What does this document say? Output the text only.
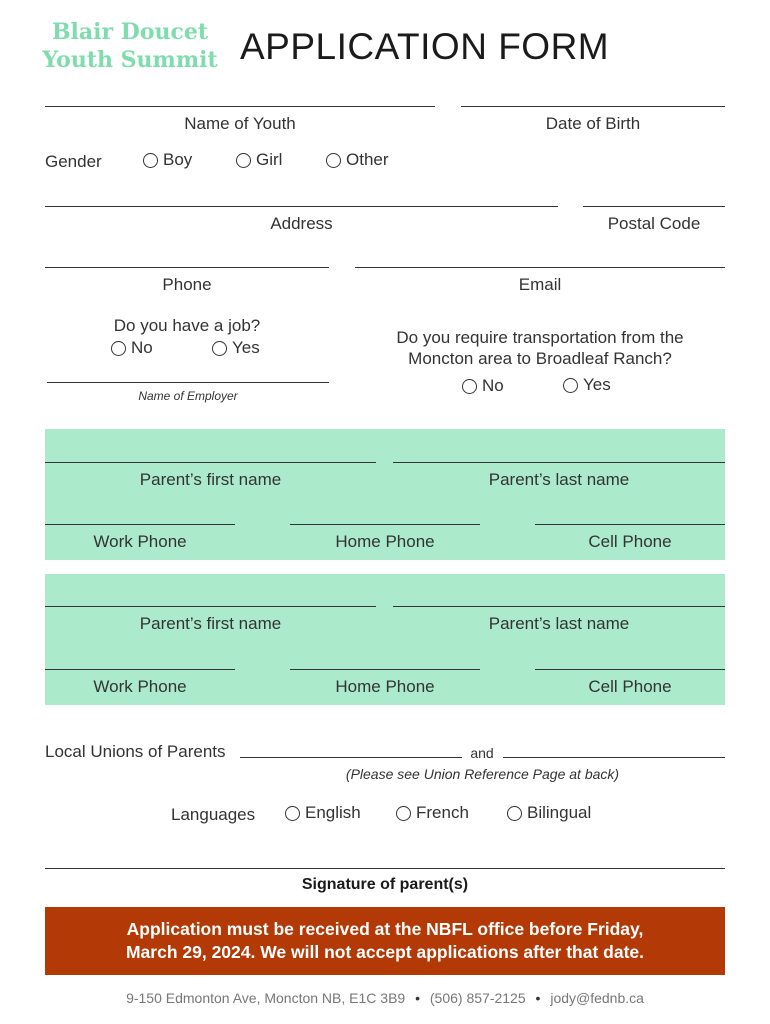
Blair Doucet
Youth Summit APPLICATION FORM
Name of Youth	Date of Birth
Gender	Boy	Girl	Other
Address	Postal Code
Phone	Email
Do you have a job?
No	Yes
Name of Employer
Do you require transportation from the
Moncton area to Broadleaf Ranch?
No	Yes
Parent’s first name	Parent’s last name
Work Phone	Home Phone	Cell Phone
Parent’s first name	Parent’s last name
Work Phone	Home Phone	Cell Phone
Local Unions of Parents	and
(Please see Union Reference Page at back)
Languages	English	French	Bilingual
Signature of parent(s)
Application must be received at the NBFL office before Friday,
March 29, 2024. We will not accept applications after that date.
9-150 Edmonton Ave, Moncton NB, E1C 3B9 • (506) 857-2125 • jody@fednb.ca
